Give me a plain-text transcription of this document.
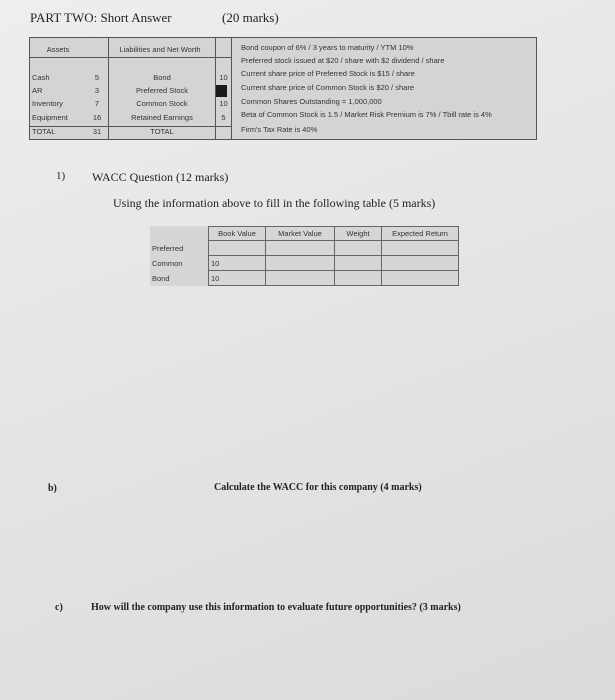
PART TWO: Short Answer	(20 marks)
Assets	Liabilities and Net Worth
Cash	5
AR	3
Inventory	7
Equipment	16
TOTAL	31
Bond	10
Preferred Stock
Common Stock	10
Retained Earnings	5
TOTAL
Bond coupon of 6% / 3 years to maturity / YTM 10%
Preferred stock issued at $20 / share with $2 dividend / share
Current share price of Preferred Stock is $15 / share
Current share price of Common Stock is $20 / share
Common Shares Outstanding = 1,000,000
Beta of Common Stock is 1.5 / Market Risk Premium is 7% / Tbill rate is 4%
Firm's Tax Rate is 40%
1) WACC Question (12 marks)
Using the information above to fill in the following table (5 marks)
	Book Value	Market Value	Weight	Expected Return
Preferred				
Common	10			
Bond	10			
b)	Calculate the WACC for this company (4 marks)
c)	How will the company use this information to evaluate future opportunities? (3 marks)
